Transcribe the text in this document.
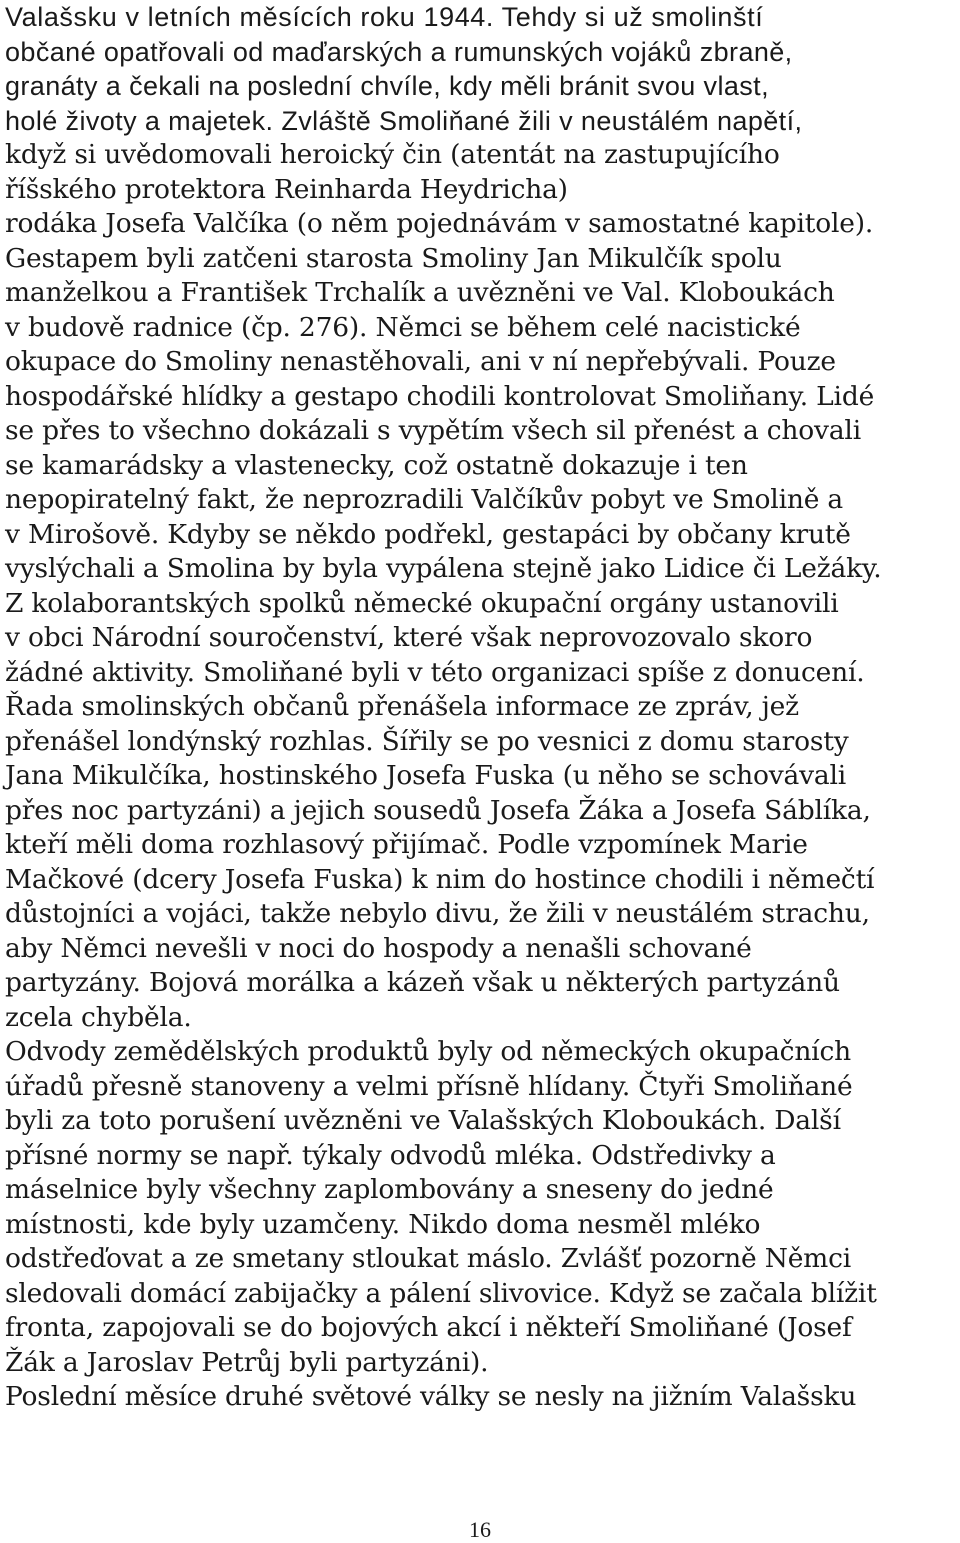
Valašsku v letních měsících roku 1944. Tehdy si už smolinští
občané opatřovali od maďarských a rumunských vojáků zbraně,
granáty a čekali na poslední chvíle, kdy měli bránit svou vlast,
holé životy a majetek. Zvláště Smoliňané žili v neustálém napětí,
když si uvědomovali heroický čin (atentát na zastupujícího
říšského protektora Reinharda Heydricha)
rodáka Josefa Valčíka (o něm pojednávám v samostatné kapitole).
Gestapem byli zatčeni starosta Smoliny Jan Mikulčík spolu
manželkou a František Trchalík a uvězněni ve Val. Kloboukách
v budově radnice (čp. 276). Němci se během celé nacistické
okupace do Smoliny nenastěhovali, ani v ní nepřebývali. Pouze
hospodářské hlídky a gestapo chodili kontrolovat Smoliňany. Lidé
se přes to všechno dokázali s vypětím všech sil přenést a chovali
se kamarádsky a vlastenecky, což ostatně dokazuje i ten
nepopiratelný fakt, že neprozradili Valčíkův pobyt ve Smolině a
v Mirošově. Kdyby se někdo podřekl, gestapáci by občany krutě
vyslýchali a Smolina by byla vypálena stejně jako Lidice či Ležáky.
Z kolaborantských spolků německé okupační orgány ustanovili
v obci Národní souročenství, které však neprovozovalo skoro
žádné aktivity. Smoliňané byli v této organizaci spíše z donucení.
Řada smolinských občanů přenášela informace ze zpráv, jež
přenášel londýnský rozhlas. Šířily se po vesnici z domu starosty
Jana Mikulčíka, hostinského Josefa Fuska (u něho se schovávali
přes noc partyzáni) a jejich sousedů Josefa Žáka a Josefa Sáblíka,
kteří měli doma rozhlasový přijímač. Podle vzpomínek Marie
Mačkové (dcery Josefa Fuska) k nim do hostince chodili i němečtí
důstojníci a vojáci, takže nebylo divu, že žili v neustálém strachu,
aby Němci nevešli v noci do hospody a nenašli schované
partyzány. Bojová morálka a kázeň však u některých partyzánů
zcela chyběla.
Odvody zemědělských produktů byly od německých okupačních
úřadů přesně stanoveny a velmi přísně hlídany. Čtyři Smoliňané
byli za toto porušení uvězněni ve Valašských Kloboukách. Další
přísné normy se např. týkaly odvodů mléka. Odstředivky a
máselnice byly všechny zaplombovány a sneseny do jedné
místnosti, kde byly uzamčeny. Nikdo doma nesměl mléko
odstřeďovat a ze smetany stloukat máslo. Zvlášť pozorně Němci
sledovali domácí zabijačky a pálení slivovice. Když se začala blížit
fronta, zapojovali se do bojových akcí i někteří Smoliňané (Josef
Žák a Jaroslav Petrůj byli partyzáni).
Poslední měsíce druhé světové války se nesly na jižním Valašsku
16
